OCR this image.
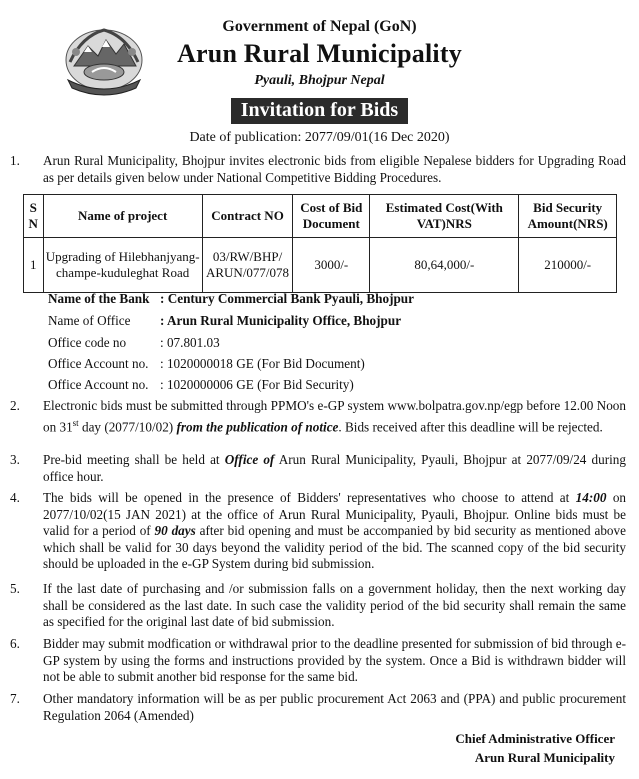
Government of Nepal (GoN)
Arun Rural Municipality
Pyauli, Bhojpur Nepal
Invitation for Bids
Date of publication: 2077/09/01(16 Dec 2020)
1.	Arun Rural Municipality, Bhojpur invites electronic bids from eligible Nepalese bidders for Upgrading Road as per details given below under National Competitive Bidding Procedures.
S N	Name of project	Contract NO	Cost of Bid Document	Estimated Cost(With VAT)NRS	Bid Security Amount(NRS)
1	Upgrading of Hilebhanjyang-champe-kuduleghat Road	03/RW/BHP/ ARUN/077/078	3000/-	80,64,000/-	210000/-
Name of the Bank : Century Commercial Bank Pyauli, Bhojpur
Name of Office : Arun Rural Municipality Office, Bhojpur
Office code no	: 07.801.03
Office Account no. : 1020000018 GE (For Bid Document)
Office Account no. : 1020000006 GE (For Bid Security)
2.	Electronic bids must be submitted through PPMO's e-GP system www.bolpatra.gov.np/egp before 12.00 Noon on 31st day (2077/10/02) from the publication of notice. Bids received after this deadline will be rejected.
3.	Pre-bid meeting shall be held at Office of Arun Rural Municipality, Pyauli, Bhojpur at 2077/09/24 during office hour.
4.	The bids will be opened in the presence of Bidders' representatives who choose to attend at 14:00 on 2077/10/02(15 JAN 2021) at the office of Arun Rural Municipality, Pyauli, Bhojpur. Online bids must be valid for a period of 90 days after bid opening and must be accompanied by bid security as mentioned above which shall be valid for 30 days beyond the validity period of the bid. The scanned copy of the bid security should be uploaded in the e-GP System during bid submission.
5.	If the last date of purchasing and /or submission falls on a government holiday, then the next working day shall be considered as the last date. In such case the validity period of the bid security shall remain the same as specified for the original last date of bid submission.
6.	Bidder may submit modfication or withdrawal prior to the deadline presented for submission of bid through e-GP system by using the forms and instructions provided by the system. Once a Bid is withdrawn bidder will not be able to submit another bid response for the same bid.
7.	Other mandatory information will be as per public procurement Act 2063 and (PPA) and public procurement Regulation 2064 (Amended)
Chief Administrative Officer
Arun Rural Municipality
